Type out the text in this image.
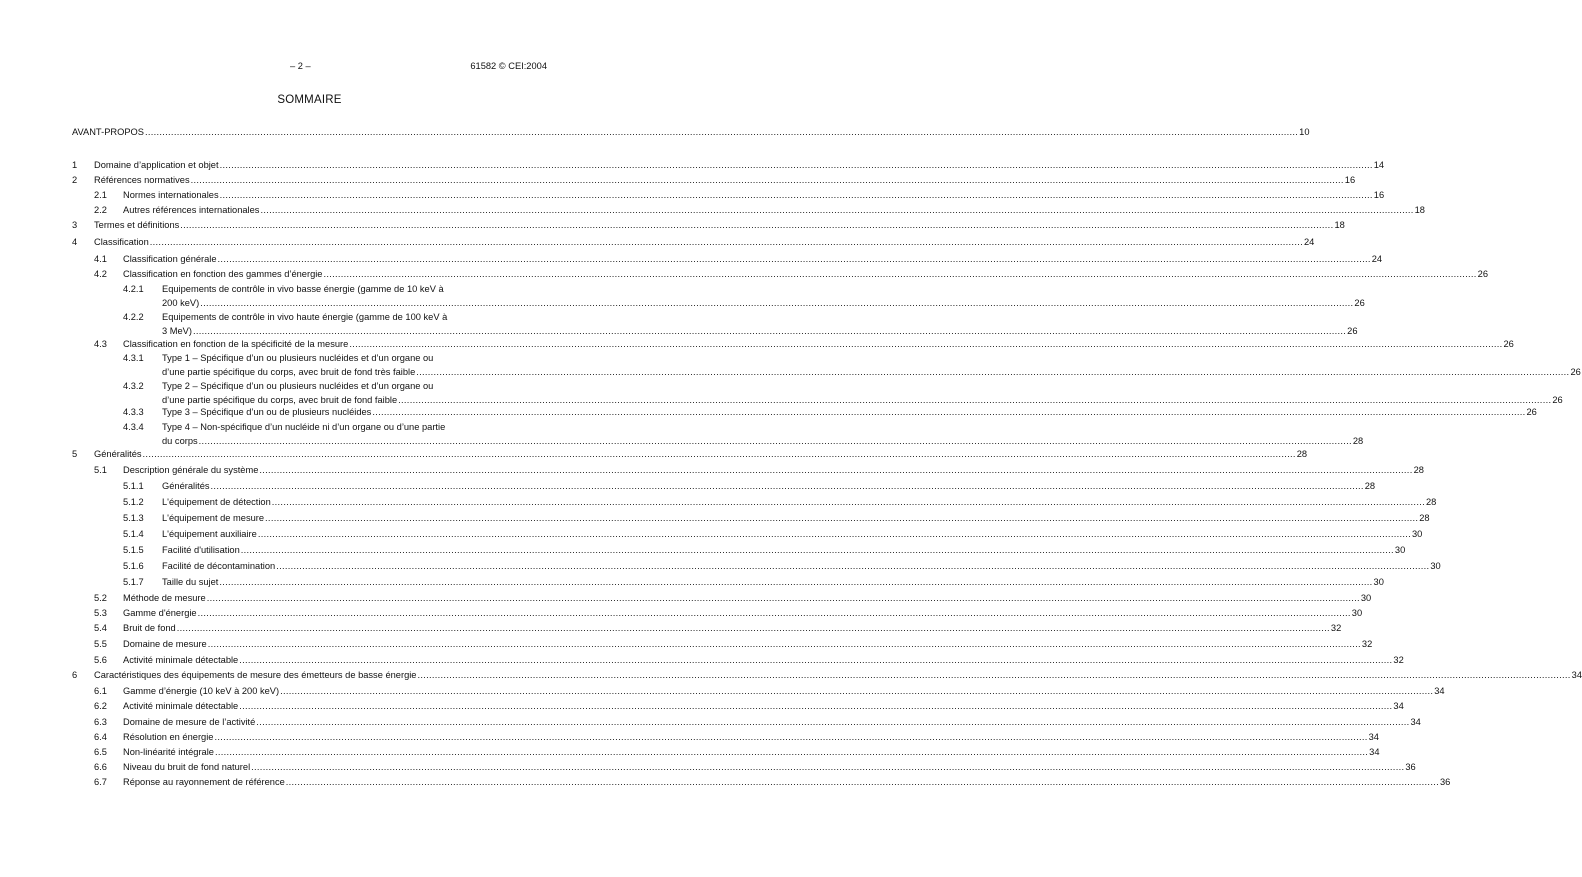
– 2 –	61582 © CEI:2004
SOMMAIRE
AVANT-PROPOS ................................................................................................................................................................................................................................................................................................................................................................................................................ 10
1 Domaine d’application et objet ................................................................................................................................................................................................................................................................................................................................................................................................................ 14
2 Références normatives ................................................................................................................................................................................................................................................................................................................................................................................................................ 16
2.1 Normes internationales ................................................................................................................................................................................................................................................................................................................................................................................................................ 16
2.2 Autres références internationales ................................................................................................................................................................................................................................................................................................................................................................................................................ 18
3 Termes et définitions ................................................................................................................................................................................................................................................................................................................................................................................................................ 18
4 Classification ................................................................................................................................................................................................................................................................................................................................................................................................................ 24
4.1 Classification générale ................................................................................................................................................................................................................................................................................................................................................................................................................ 24
4.2 Classification en fonction des gammes d’énergie ................................................................................................................................................................................................................................................................................................................................................................................................................ 26
4.2.1 Equipements de contrôle in vivo basse énergie (gamme de 10 keV à
200 keV) ................................................................................................................................................................................................................................................................................................................................................................................................................ 26
4.2.2 Equipements de contrôle in vivo haute énergie (gamme de 100 keV à
3 MeV) ................................................................................................................................................................................................................................................................................................................................................................................................................ 26
4.3 Classification en fonction de la spécificité de la mesure ................................................................................................................................................................................................................................................................................................................................................................................................................ 26
4.3.1 Type 1 – Spécifique d’un ou plusieurs nucléides et d’un organe ou
d’une partie spécifique du corps, avec bruit de fond très faible ................................................................................................................................................................................................................................................................................................................................................................................................................ 26
4.3.2 Type 2 – Spécifique d’un ou plusieurs nucléides et d’un organe ou
d’une partie spécifique du corps, avec bruit de fond faible ................................................................................................................................................................................................................................................................................................................................................................................................................ 26
4.3.3 Type 3 – Spécifique d’un ou de plusieurs nucléides ................................................................................................................................................................................................................................................................................................................................................................................................................ 26
4.3.4 Type 4 – Non-spécifique d’un nucléide ni d’un organe ou d’une partie
du corps ................................................................................................................................................................................................................................................................................................................................................................................................................ 28
5 Généralités ................................................................................................................................................................................................................................................................................................................................................................................................................ 28
5.1 Description générale du système ................................................................................................................................................................................................................................................................................................................................................................................................................ 28
5.1.1 Généralités ................................................................................................................................................................................................................................................................................................................................................................................................................ 28
5.1.2 L'équipement de détection ................................................................................................................................................................................................................................................................................................................................................................................................................ 28
5.1.3 L'équipement de mesure ................................................................................................................................................................................................................................................................................................................................................................................................................ 28
5.1.4 L'équipement auxiliaire ................................................................................................................................................................................................................................................................................................................................................................................................................ 30
5.1.5 Facilité d'utilisation ................................................................................................................................................................................................................................................................................................................................................................................................................ 30
5.1.6 Facilité de décontamination ................................................................................................................................................................................................................................................................................................................................................................................................................ 30
5.1.7 Taille du sujet ................................................................................................................................................................................................................................................................................................................................................................................................................ 30
5.2 Méthode de mesure ................................................................................................................................................................................................................................................................................................................................................................................................................ 30
5.3 Gamme d'énergie ................................................................................................................................................................................................................................................................................................................................................................................................................ 30
5.4 Bruit de fond ................................................................................................................................................................................................................................................................................................................................................................................................................ 32
5.5 Domaine de mesure ................................................................................................................................................................................................................................................................................................................................................................................................................ 32
5.6 Activité minimale détectable ................................................................................................................................................................................................................................................................................................................................................................................................................ 32
6 Caractéristiques des équipements de mesure des émetteurs de basse énergie ................................................................................................................................................................................................................................................................................................................................................................................................................ 34
6.1 Gamme d’énergie (10 keV à 200 keV) ................................................................................................................................................................................................................................................................................................................................................................................................................ 34
6.2 Activité minimale détectable ................................................................................................................................................................................................................................................................................................................................................................................................................ 34
6.3 Domaine de mesure de l’activité ................................................................................................................................................................................................................................................................................................................................................................................................................ 34
6.4 Résolution en énergie ................................................................................................................................................................................................................................................................................................................................................................................................................ 34
6.5 Non-linéarité intégrale ................................................................................................................................................................................................................................................................................................................................................................................................................ 34
6.6 Niveau du bruit de fond naturel ................................................................................................................................................................................................................................................................................................................................................................................................................ 36
6.7 Réponse au rayonnement de référence ................................................................................................................................................................................................................................................................................................................................................................................................................ 36
